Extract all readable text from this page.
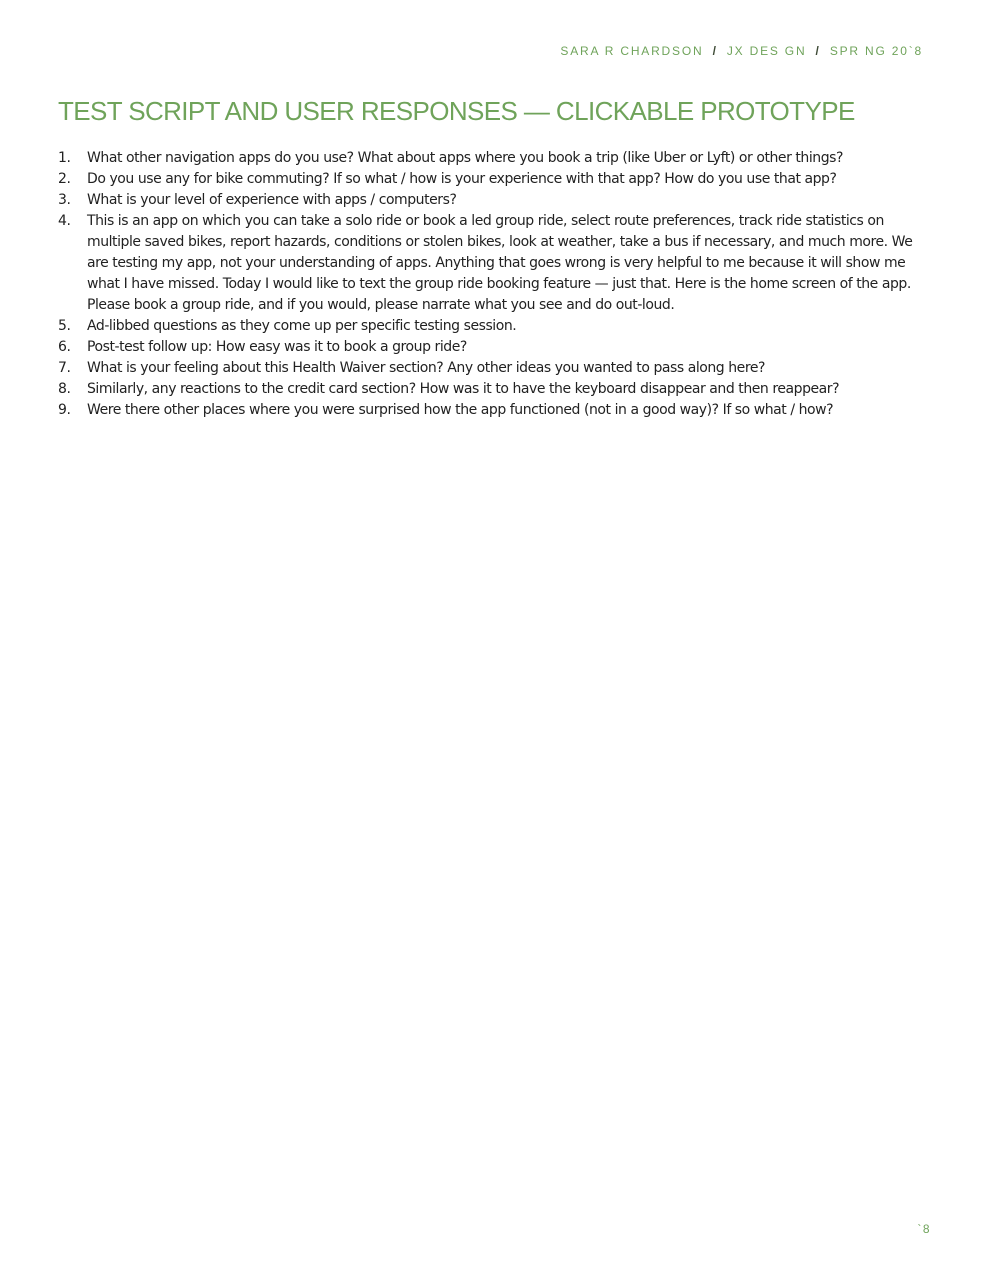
SARA R CHARDSON / JX DES GN / SPR NG 20`8
TEST SCRIPT AND USER RESPONSES — CLICKABLE PROTOTYPE
1. What other navigation apps do you use? What about apps where you book a trip (like Uber or Lyft) or other things?
2. Do you use any for bike commuting? If so what / how is your experience with that app? How do you use that app?
3. What is your level of experience with apps / computers?
4. This is an app on which you can take a solo ride or book a led group ride, select route preferences, track ride statistics on multiple saved bikes, report hazards, conditions or stolen bikes, look at weather, take a bus if necessary, and much more. We are testing my app, not your understanding of apps. Anything that goes wrong is very helpful to me because it will show me what I have missed. Today I would like to text the group ride booking feature — just that. Here is the home screen of the app. Please book a group ride, and if you would, please narrate what you see and do out-loud.
5. Ad-libbed questions as they come up per specific testing session.
6. Post-test follow up: How easy was it to book a group ride?
7. What is your feeling about this Health Waiver section? Any other ideas you wanted to pass along here?
8. Similarly, any reactions to the credit card section? How was it to have the keyboard disappear and then reappear?
9. Were there other places where you were surprised how the app functioned (not in a good way)? If so what / how?
`8
